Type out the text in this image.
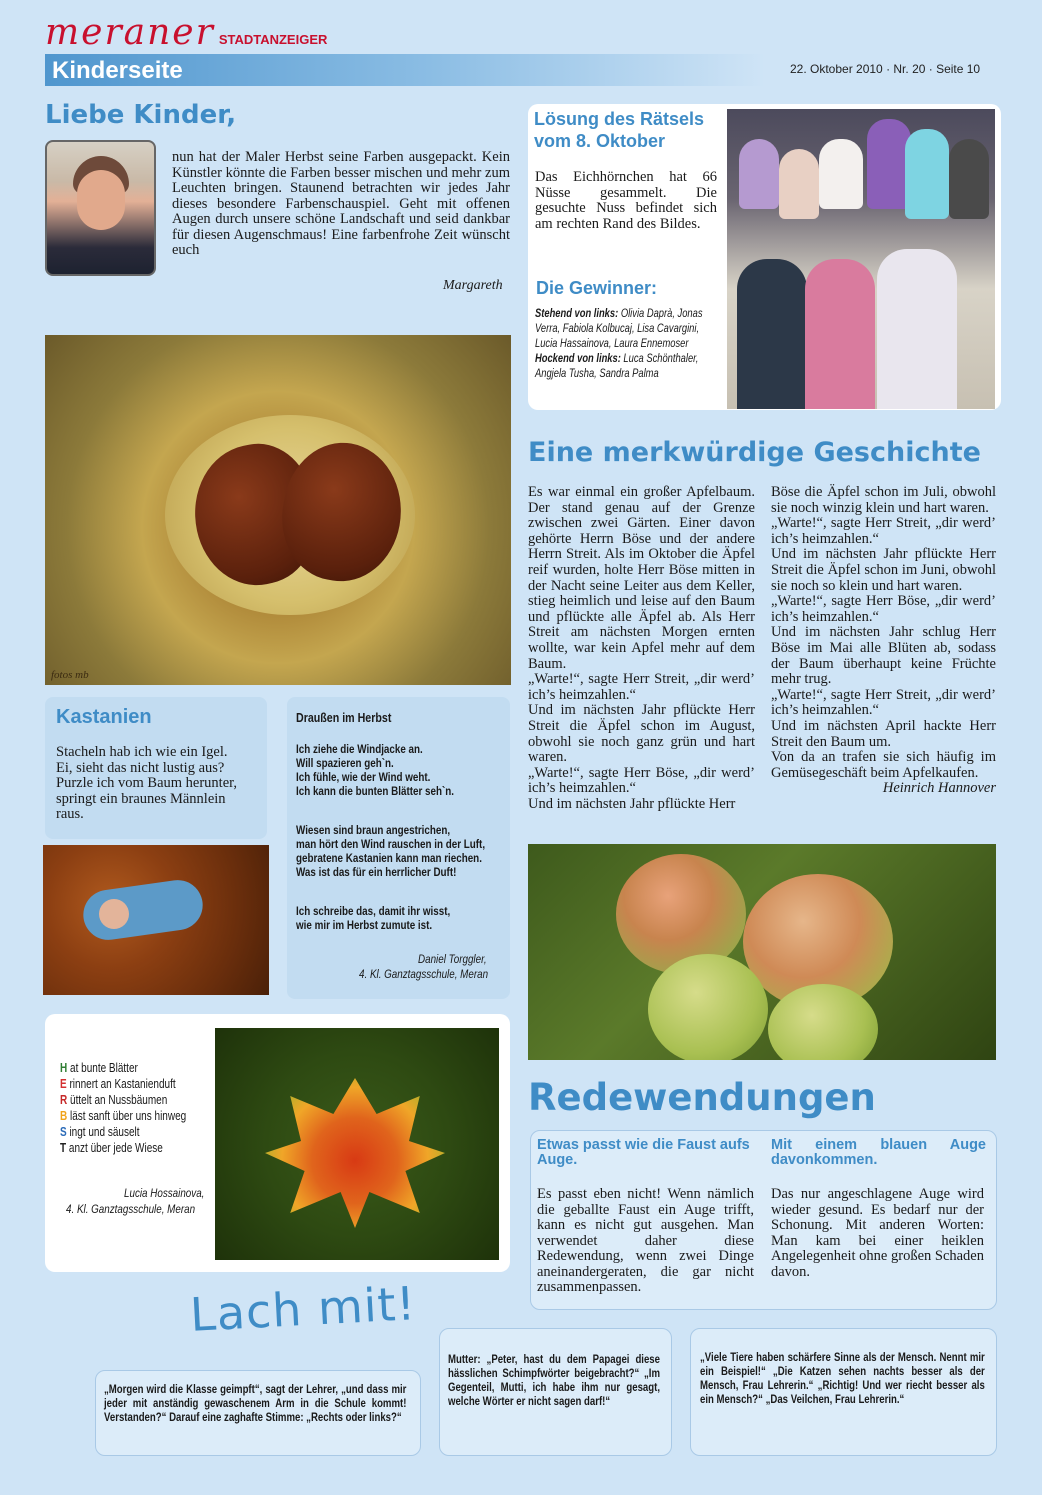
meraner STADTANZEIGER
Kinderseite	22. Oktober 2010 · Nr. 20 · Seite 10
Liebe Kinder,
nun hat der Maler Herbst seine Farben ausgepackt. Kein Künstler könnte die Farben besser mischen und mehr zum Leuchten bringen. Staunend betrachten wir jedes Jahr dieses besondere Farbenschauspiel. Geht mit offenen Augen durch unsere schöne Landschaft und seid dankbar für diesen Augenschmaus! Eine farbenfrohe Zeit wünscht euch
Margareth
Lösung des Rätsels vom 8. Oktober
Das Eichhörnchen hat 66 Nüsse gesammelt. Die gesuchte Nuss befindet sich am rechten Rand des Bildes.
Die Gewinner:
Stehend von links: Olivia Daprà, Jonas Verra, Fabiola Kolbucaj, Lisa Cavargini, Lucia Hassainova, Laura Ennemoser
Hockend von links: Luca Schönthaler, Angjela Tusha, Sandra Palma
fotos mb
Kastanien
Stacheln hab ich wie ein Igel.
Ei, sieht das nicht lustig aus?
Purzle ich vom Baum herunter,
springt ein braunes Männlein
raus.
Draußen im Herbst
Ich ziehe die Windjacke an.
Will spazieren geh`n.
Ich fühle, wie der Wind weht.
Ich kann die bunten Blätter seh`n.
Wiesen sind braun angestrichen,
man hört den Wind rauschen in der Luft,
gebratene Kastanien kann man riechen.
Was ist das für ein herrlicher Duft!
Ich schreibe das, damit ihr wisst,
wie mir im Herbst zumute ist.
Daniel Torggler,
4. Kl. Ganztagsschule, Meran
H at bunte Blätter
E rinnert an Kastanienduft
R üttelt an Nussbäumen
B läst sanft über uns hinweg
S ingt und säuselt
T anzt über jede Wiese
Lucia Hossainova,
4. Kl. Ganztagsschule, Meran
Eine merkwürdige Geschichte

Es war einmal ein großer Apfelbaum. Der stand genau auf der Grenze zwischen zwei Gärten. Einer davon gehörte Herrn Böse und der andere Herrn Streit. Als im Oktober die Äpfel reif wurden, holte Herr Böse mitten in der Nacht seine Leiter aus dem Keller, stieg heimlich und leise auf den Baum und pflückte alle Äpfel ab. Als Herr Streit am nächsten Morgen ernten wollte, war kein Apfel mehr auf dem Baum.

„Warte!“, sagte Herr Streit, „dir werd’ ich’s heimzahlen.“

Und im nächsten Jahr pflückte Herr Streit die Äpfel schon im August, obwohl sie noch ganz grün und hart waren.

„Warte!“, sagte Herr Böse, „dir werd’ ich’s heimzahlen.“

Und im nächsten Jahr pflückte Herr

Böse die Äpfel schon im Juli, obwohl sie noch winzig klein und hart waren.

„Warte!“, sagte Herr Streit, „dir werd’ ich’s heimzahlen.“

Und im nächsten Jahr pflückte Herr Streit die Äpfel schon im Juni, obwohl sie noch so klein und hart waren.

„Warte!“, sagte Herr Böse, „dir werd’ ich’s heimzahlen.“

Und im nächsten Jahr schlug Herr Böse im Mai alle Blüten ab, sodass der Baum überhaupt keine Früchte mehr trug.

„Warte!“, sagte Herr Streit, „dir werd’ ich’s heimzahlen.“

Und im nächsten April hackte Herr Streit den Baum um.

Von da an trafen sie sich häufig im Gemüsegeschäft beim Apfelkaufen.

Heinrich Hannover

Redewendungen
Etwas passt wie die Faust aufs Auge.
Es passt eben nicht! Wenn nämlich die geballte Faust ein Auge trifft, kann es nicht gut ausgehen. Man verwendet daher diese Redewendung, wenn zwei Dinge aneinandergeraten, die gar nicht zusammenpassen.
Mit einem blauen Auge davonkommen.
Das nur angeschlagene Auge wird wieder gesund. Es bedarf nur der Schonung. Mit anderen Worten: Man kam bei einer heiklen Angelegenheit ohne großen Schaden davon.
Lach mit!
„Morgen wird die Klasse geimpft“, sagt der Lehrer, „und dass mir jeder mit anständig gewaschenem Arm in die Schule kommt! Verstanden?“ Darauf eine zaghafte Stimme: „Rechts oder links?“
Mutter: „Peter, hast du dem Papagei diese hässlichen Schimpfwörter beigebracht?“ „Im Gegenteil, Mutti, ich habe ihm nur gesagt, welche Wörter er nicht sagen darf!“
„Viele Tiere haben schärfere Sinne als der Mensch. Nennt mir ein Beispiel!“ „Die Katzen sehen nachts besser als der Mensch, Frau Lehrerin.“ „Richtig! Und wer riecht besser als ein Mensch?“ „Das Veilchen, Frau Lehrerin.“
